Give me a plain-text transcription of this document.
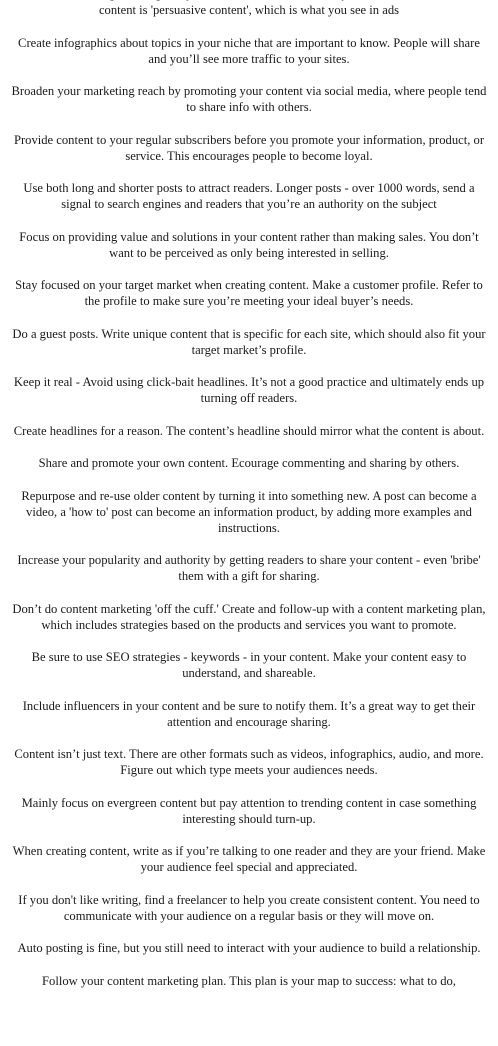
content is 'persuasive content', which is what you see in ads

Create infographics about topics in your niche that are important to know. People will share and you’ll see more traffic to your sites.

Broaden your marketing reach by promoting your content via social media, where people tend to share info with others.

Provide content to your regular subscribers before you promote your information, product, or service. This encourages people to become loyal.

Use both long and shorter posts to attract readers. Longer posts - over 1000 words, send a signal to search engines and readers that you’re an authority on the subject

Focus on providing value and solutions in your content rather than making sales. You don’t want to be perceived as only being interested in selling.

Stay focused on your target market when creating content. Make a customer profile. Refer to the profile to make sure you’re meeting your ideal buyer’s needs.

Do a guest posts. Write unique content that is specific for each site, which should also fit your target market’s profile.

Keep it real - Avoid using click-bait headlines. It’s not a good practice and ultimately ends up turning off readers.

Create headlines for a reason. The content’s headline should mirror what the content is about.

Share and promote your own content. Ecourage commenting and sharing by others.

Repurpose and re-use older content by turning it into something new. A post can become a video, a 'how to' post can become an information product, by adding more examples and instructions.

Increase your popularity and authority by getting readers to share your content - even 'bribe' them with a gift for sharing.

Don’t do content marketing 'off the cuff.' Create and follow-up with a content marketing plan, which includes strategies based on the products and services you want to promote.

Be sure to use SEO strategies - keywords - in your content. Make your content easy to understand, and shareable.

Include influencers in your content and be sure to notify them. It’s a great way to get their attention and encourage sharing.

Content isn’t just text. There are other formats such as videos, infographics, audio, and more. Figure out which type meets your audiences needs.

Mainly focus on evergreen content but pay attention to trending content in case something interesting should turn-up.

When creating content, write as if you’re talking to one reader and they are your friend. Make your audience feel special and appreciated.

If you don't like writing, find a freelancer to help you create consistent content. You need to communicate with your audience on a regular basis or they will move on.

Auto posting is fine, but you still need to interact with your audience to build a relationship.

Follow your content marketing plan. This plan is your map to success: what to do,
